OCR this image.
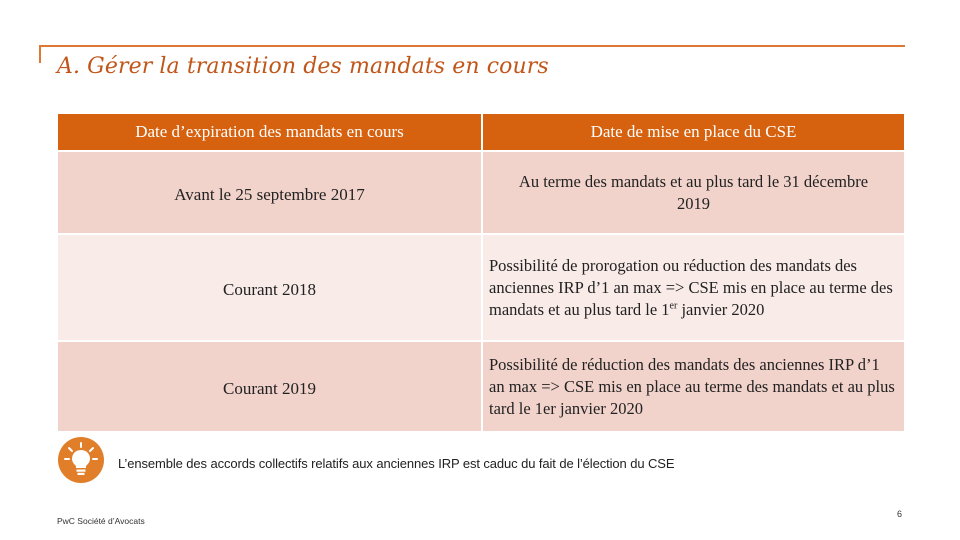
A. Gérer la transition des mandats en cours
Date d’expiration des mandats en cours	Date de mise en place du CSE
Avant le 25 septembre 2017	Au terme des mandats et au plus tard le 31 décembre 2019
Courant 2018	Possibilité de prorogation ou réduction des mandats des anciennes IRP d’1 an max => CSE mis en place au terme des mandats et au plus tard le 1er janvier 2020
Courant 2019	Possibilité de réduction des mandats des anciennes IRP d’1 an max => CSE mis en place au terme des mandats et au plus tard le 1er janvier 2020
L’ensemble des accords collectifs relatifs aux anciennes IRP est caduc du fait de l’élection du CSE
PwC Société d’Avocats
6
